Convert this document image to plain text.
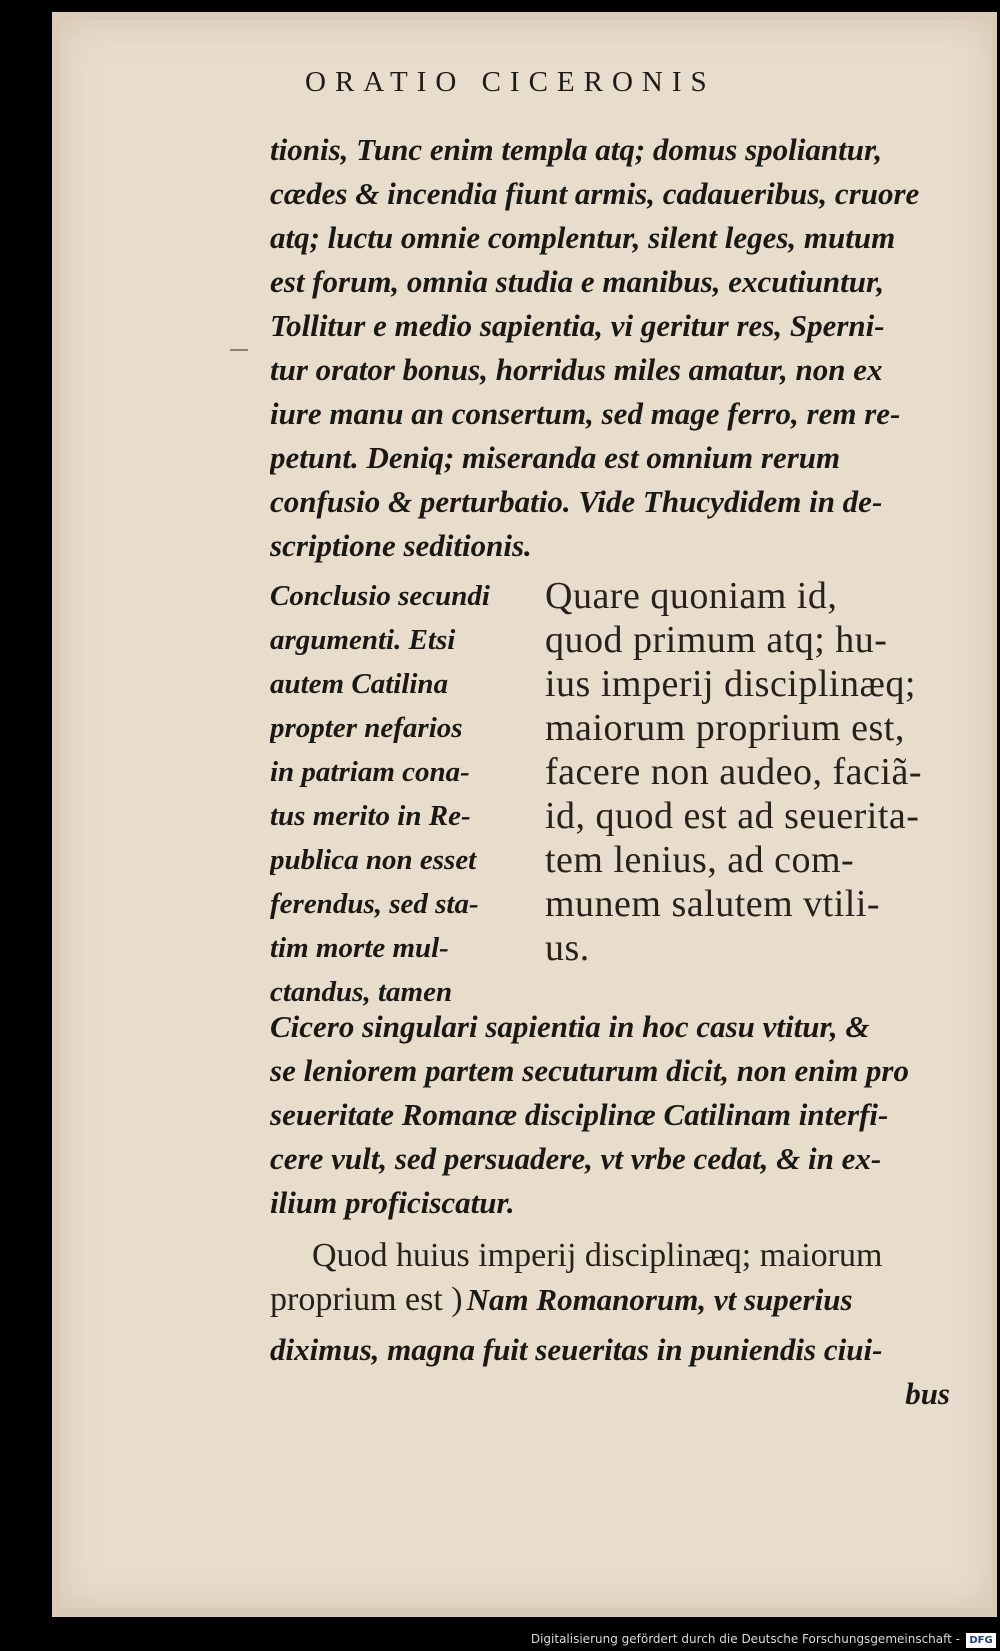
ORATIO CICERONIS
tionis, Tunc enim templa atq; domus spoliantur,
cædes & incendia fiunt armis, cadaueribus, cruore
atq; luctu omnie complentur, silent leges, mutum
est forum, omnia studia e manibus, excutiuntur,
Tollitur e medio sapientia, vi geritur res, Sperni-
tur orator bonus, horridus miles amatur, non ex
iure manu an consertum, sed mage ferro, rem re-
petunt. Deniq; miseranda est omnium rerum
confusio & perturbatio. Vide Thucydidem in de-
scriptione seditionis.
Conclusio secundi
argumenti. Etsi
autem Catilina
propter nefarios
in patriam cona-
tus merito in Re-
publica non esset
ferendus, sed sta-
tim morte mul-
ctandus, tamen
Quare quoniam id,
quod primum atq; hu-
ius imperij disciplinæq;
maiorum proprium est,
facere non audeo, faciã-
id, quod est ad seuerita-
tem lenius, ad com-
munem salutem vtili-
us.
Cicero singulari sapientia in hoc casu vtitur, &
se leniorem partem secuturum dicit, non enim pro
seueritate Romanæ disciplinæ Catilinam interfi-
cere vult, sed persuadere, vt vrbe cedat, & in ex-
ilium proficiscatur.
Quod huius imperij disciplinæq; maiorum
proprium est ) Nam Romanorum, vt superius
diximus, magna fuit seueritas in puniendis ciui-
bus
Digitalisierung gefördert durch die Deutsche Forschungsgemeinschaft - DFG
